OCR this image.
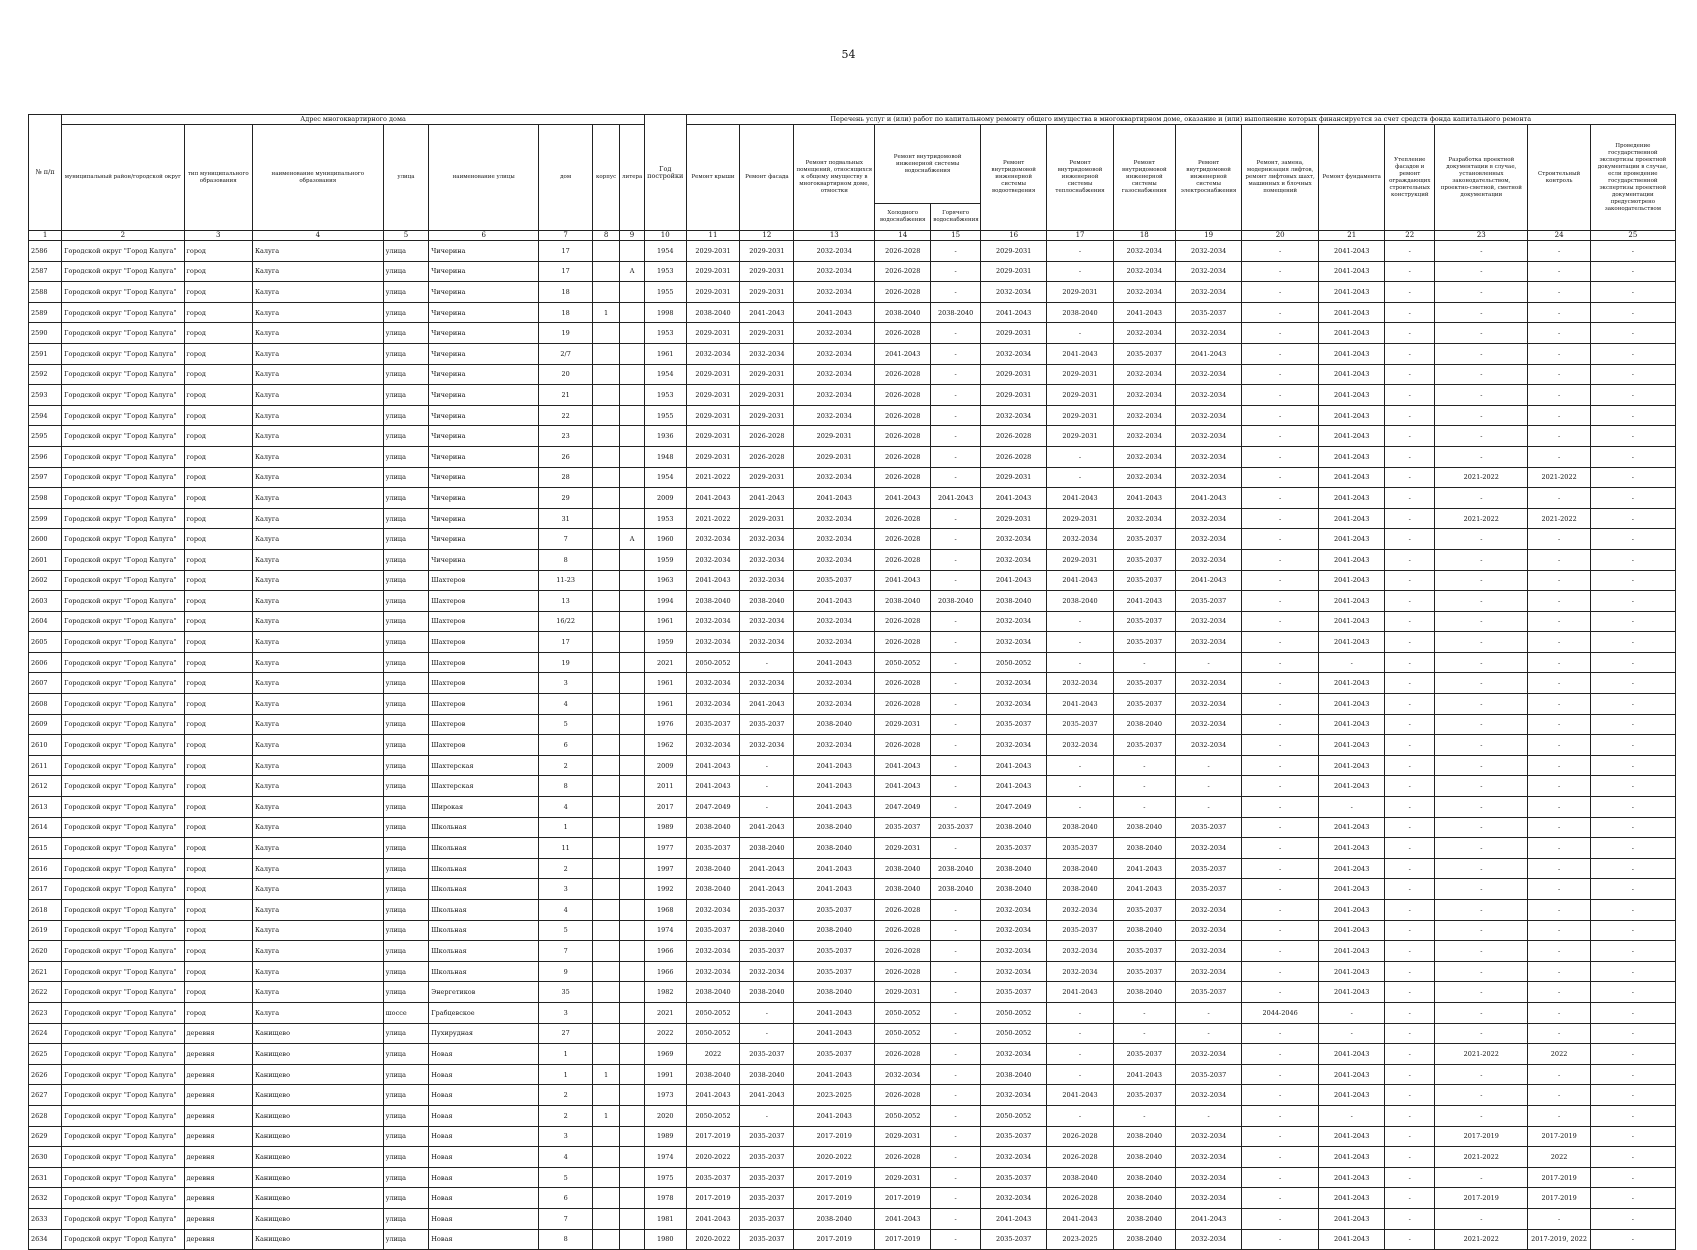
54
№ п/п	Адрес многоквартирного дома								Год постройки	Перечень услуг и (или) работ по капитальному ремонту общего имущества в многоквартирном доме, оказание и (или) выполнение которых финансируется за счет средств фонда капитального ремонта														
	муниципальный район/городской округ	тип муниципального образования	наименование муниципального образования	улица	наименование улицы	дом	корпус	литера		Ремонт крыши	Ремонт фасада	Ремонт подвальных помещений, относящихся к общему имуществу в многоквартирном доме, отмостки	Ремонт внутридомовой инженерной системы водоснабжения		Ремонт внутридомовой инженерной системы водоотведения	Ремонт внутридомовой инженерной системы теплоснабжения	Ремонт внутридомовой инженерной системы газоснабжения	Ремонт внутридомовой инженерной системы электроснабжения	Ремонт, замена, модернизация лифтов, ремонт лифтовых шахт, машинных и блочных помещений	Ремонт фундамента	Утепление фасадов и ремонт ограждающих строительных конструкций	Разработка проектной документации в случае, установленных законодательством, проектно-сметной, сметной документации	Строительный контроль	Проведение государственной экспертизы проектной документации в случае, если проведение государственной экспертизы проектной документации предусмотрено законодательством
													Холодного водоснабжения	Горячего водоснабжения										
1	2	3	4	5	6	7	8	9	10	11	12	13	14	15	16	17	18	19	20	21	22	23	24	25
2586	Городской округ "Город Калуга"	город	Калуга	улица	Чичерина	17			1954	2029-2031	2029-2031	2032-2034	2026-2028	-	2029-2031	-	2032-2034	2032-2034	-	2041-2043	-	-	-	-
2587	Городской округ "Город Калуга"	город	Калуга	улица	Чичерина	17		А	1953	2029-2031	2029-2031	2032-2034	2026-2028	-	2029-2031	-	2032-2034	2032-2034	-	2041-2043	-	-	-	-
2588	Городской округ "Город Калуга"	город	Калуга	улица	Чичерина	18			1955	2029-2031	2029-2031	2032-2034	2026-2028	-	2032-2034	2029-2031	2032-2034	2032-2034	-	2041-2043	-	-	-	-
2589	Городской округ "Город Калуга"	город	Калуга	улица	Чичерина	18	1		1998	2038-2040	2041-2043	2041-2043	2038-2040	2038-2040	2041-2043	2038-2040	2041-2043	2035-2037	-	2041-2043	-	-	-	-
2590	Городской округ "Город Калуга"	город	Калуга	улица	Чичерина	19			1953	2029-2031	2029-2031	2032-2034	2026-2028	-	2029-2031	-	2032-2034	2032-2034	-	2041-2043	-	-	-	-
2591	Городской округ "Город Калуга"	город	Калуга	улица	Чичерина	2/7			1961	2032-2034	2032-2034	2032-2034	2041-2043	-	2032-2034	2041-2043	2035-2037	2041-2043	-	2041-2043	-	-	-	-
2592	Городской округ "Город Калуга"	город	Калуга	улица	Чичерина	20			1954	2029-2031	2029-2031	2032-2034	2026-2028	-	2029-2031	2029-2031	2032-2034	2032-2034	-	2041-2043	-	-	-	-
2593	Городской округ "Город Калуга"	город	Калуга	улица	Чичерина	21			1953	2029-2031	2029-2031	2032-2034	2026-2028	-	2029-2031	2029-2031	2032-2034	2032-2034	-	2041-2043	-	-	-	-
2594	Городской округ "Город Калуга"	город	Калуга	улица	Чичерина	22			1955	2029-2031	2029-2031	2032-2034	2026-2028	-	2032-2034	2029-2031	2032-2034	2032-2034	-	2041-2043	-	-	-	-
2595	Городской округ "Город Калуга"	город	Калуга	улица	Чичерина	23			1936	2029-2031	2026-2028	2029-2031	2026-2028	-	2026-2028	2029-2031	2032-2034	2032-2034	-	2041-2043	-	-	-	-
2596	Городской округ "Город Калуга"	город	Калуга	улица	Чичерина	26			1948	2029-2031	2026-2028	2029-2031	2026-2028	-	2026-2028	-	2032-2034	2032-2034	-	2041-2043	-	-	-	-
2597	Городской округ "Город Калуга"	город	Калуга	улица	Чичерина	28			1954	2021-2022	2029-2031	2032-2034	2026-2028	-	2029-2031	-	2032-2034	2032-2034	-	2041-2043	-	2021-2022	2021-2022	-
2598	Городской округ "Город Калуга"	город	Калуга	улица	Чичерина	29			2009	2041-2043	2041-2043	2041-2043	2041-2043	2041-2043	2041-2043	2041-2043	2041-2043	2041-2043	-	2041-2043	-	-	-	-
2599	Городской округ "Город Калуга"	город	Калуга	улица	Чичерина	31			1953	2021-2022	2029-2031	2032-2034	2026-2028	-	2029-2031	2029-2031	2032-2034	2032-2034	-	2041-2043	-	2021-2022	2021-2022	-
2600	Городской округ "Город Калуга"	город	Калуга	улица	Чичерина	7		А	1960	2032-2034	2032-2034	2032-2034	2026-2028	-	2032-2034	2032-2034	2035-2037	2032-2034	-	2041-2043	-	-	-	-
2601	Городской округ "Город Калуга"	город	Калуга	улица	Чичерина	8			1959	2032-2034	2032-2034	2032-2034	2026-2028	-	2032-2034	2029-2031	2035-2037	2032-2034	-	2041-2043	-	-	-	-
2602	Городской округ "Город Калуга"	город	Калуга	улица	Шахтеров	11-23			1963	2041-2043	2032-2034	2035-2037	2041-2043	-	2041-2043	2041-2043	2035-2037	2041-2043	-	2041-2043	-	-	-	-
2603	Городской округ "Город Калуга"	город	Калуга	улица	Шахтеров	13			1994	2038-2040	2038-2040	2041-2043	2038-2040	2038-2040	2038-2040	2038-2040	2041-2043	2035-2037	-	2041-2043	-	-	-	-
2604	Городской округ "Город Калуга"	город	Калуга	улица	Шахтеров	16/22			1961	2032-2034	2032-2034	2032-2034	2026-2028	-	2032-2034	-	2035-2037	2032-2034	-	2041-2043	-	-	-	-
2605	Городской округ "Город Калуга"	город	Калуга	улица	Шахтеров	17			1959	2032-2034	2032-2034	2032-2034	2026-2028	-	2032-2034	-	2035-2037	2032-2034	-	2041-2043	-	-	-	-
2606	Городской округ "Город Калуга"	город	Калуга	улица	Шахтеров	19			2021	2050-2052	-	2041-2043	2050-2052	-	2050-2052	-	-	-	-	-	-	-	-	-
2607	Городской округ "Город Калуга"	город	Калуга	улица	Шахтеров	3			1961	2032-2034	2032-2034	2032-2034	2026-2028	-	2032-2034	2032-2034	2035-2037	2032-2034	-	2041-2043	-	-	-	-
2608	Городской округ "Город Калуга"	город	Калуга	улица	Шахтеров	4			1961	2032-2034	2041-2043	2032-2034	2026-2028	-	2032-2034	2041-2043	2035-2037	2032-2034	-	2041-2043	-	-	-	-
2609	Городской округ "Город Калуга"	город	Калуга	улица	Шахтеров	5			1976	2035-2037	2035-2037	2038-2040	2029-2031	-	2035-2037	2035-2037	2038-2040	2032-2034	-	2041-2043	-	-	-	-
2610	Городской округ "Город Калуга"	город	Калуга	улица	Шахтеров	6			1962	2032-2034	2032-2034	2032-2034	2026-2028	-	2032-2034	2032-2034	2035-2037	2032-2034	-	2041-2043	-	-	-	-
2611	Городской округ "Город Калуга"	город	Калуга	улица	Шахтерская	2			2009	2041-2043	-	2041-2043	2041-2043	-	2041-2043	-	-	-	-	2041-2043	-	-	-	-
2612	Городской округ "Город Калуга"	город	Калуга	улица	Шахтерская	8			2011	2041-2043	-	2041-2043	2041-2043	-	2041-2043	-	-	-	-	2041-2043	-	-	-	-
2613	Городской округ "Город Калуга"	город	Калуга	улица	Широкая	4			2017	2047-2049	-	2041-2043	2047-2049	-	2047-2049	-	-	-	-	-	-	-	-	-
2614	Городской округ "Город Калуга"	город	Калуга	улица	Школьная	1			1989	2038-2040	2041-2043	2038-2040	2035-2037	2035-2037	2038-2040	2038-2040	2038-2040	2035-2037	-	2041-2043	-	-	-	-
2615	Городской округ "Город Калуга"	город	Калуга	улица	Школьная	11			1977	2035-2037	2038-2040	2038-2040	2029-2031	-	2035-2037	2035-2037	2038-2040	2032-2034	-	2041-2043	-	-	-	-
2616	Городской округ "Город Калуга"	город	Калуга	улица	Школьная	2			1997	2038-2040	2041-2043	2041-2043	2038-2040	2038-2040	2038-2040	2038-2040	2041-2043	2035-2037	-	2041-2043	-	-	-	-
2617	Городской округ "Город Калуга"	город	Калуга	улица	Школьная	3			1992	2038-2040	2041-2043	2041-2043	2038-2040	2038-2040	2038-2040	2038-2040	2041-2043	2035-2037	-	2041-2043	-	-	-	-
2618	Городской округ "Город Калуга"	город	Калуга	улица	Школьная	4			1968	2032-2034	2035-2037	2035-2037	2026-2028	-	2032-2034	2032-2034	2035-2037	2032-2034	-	2041-2043	-	-	-	-
2619	Городской округ "Город Калуга"	город	Калуга	улица	Школьная	5			1974	2035-2037	2038-2040	2038-2040	2026-2028	-	2032-2034	2035-2037	2038-2040	2032-2034	-	2041-2043	-	-	-	-
2620	Городской округ "Город Калуга"	город	Калуга	улица	Школьная	7			1966	2032-2034	2035-2037	2035-2037	2026-2028	-	2032-2034	2032-2034	2035-2037	2032-2034	-	2041-2043	-	-	-	-
2621	Городской округ "Город Калуга"	город	Калуга	улица	Школьная	9			1966	2032-2034	2032-2034	2035-2037	2026-2028	-	2032-2034	2032-2034	2035-2037	2032-2034	-	2041-2043	-	-	-	-
2622	Городской округ "Город Калуга"	город	Калуга	улица	Энергетиков	35			1982	2038-2040	2038-2040	2038-2040	2029-2031	-	2035-2037	2041-2043	2038-2040	2035-2037	-	2041-2043	-	-	-	-
2623	Городской округ "Город Калуга"	город	Калуга	шоссе	Грабцевское	3			2021	2050-2052	-	2041-2043	2050-2052	-	2050-2052	-	-	-	2044-2046	-	-	-	-	-
2624	Городской округ "Город Калуга"	деревня	Канищево	улица	Пухирудная	27			2022	2050-2052	-	2041-2043	2050-2052	-	2050-2052	-	-	-	-	-	-	-	-	-
2625	Городской округ "Город Калуга"	деревня	Канищево	улица	Новая	1			1969	2022	2035-2037	2035-2037	2026-2028	-	2032-2034	-	2035-2037	2032-2034	-	2041-2043	-	2021-2022	2022	-
2626	Городской округ "Город Калуга"	деревня	Канищево	улица	Новая	1	1		1991	2038-2040	2038-2040	2041-2043	2032-2034	-	2038-2040	-	2041-2043	2035-2037	-	2041-2043	-	-	-	-
2627	Городской округ "Город Калуга"	деревня	Канищево	улица	Новая	2			1973	2041-2043	2041-2043	2023-2025	2026-2028	-	2032-2034	2041-2043	2035-2037	2032-2034	-	2041-2043	-	-	-	-
2628	Городской округ "Город Калуга"	деревня	Канищево	улица	Новая	2	1		2020	2050-2052	-	2041-2043	2050-2052	-	2050-2052	-	-	-	-	-	-	-	-	-
2629	Городской округ "Город Калуга"	деревня	Канищево	улица	Новая	3			1989	2017-2019	2035-2037	2017-2019	2029-2031	-	2035-2037	2026-2028	2038-2040	2032-2034	-	2041-2043	-	2017-2019	2017-2019	-
2630	Городской округ "Город Калуга"	деревня	Канищево	улица	Новая	4			1974	2020-2022	2035-2037	2020-2022	2026-2028	-	2032-2034	2026-2028	2038-2040	2032-2034	-	2041-2043	-	2021-2022	2022	-
2631	Городской округ "Город Калуга"	деревня	Канищево	улица	Новая	5			1975	2035-2037	2035-2037	2017-2019	2029-2031	-	2035-2037	2038-2040	2038-2040	2032-2034	-	2041-2043	-	-	2017-2019	-
2632	Городской округ "Город Калуга"	деревня	Канищево	улица	Новая	6			1978	2017-2019	2035-2037	2017-2019	2017-2019	-	2032-2034	2026-2028	2038-2040	2032-2034	-	2041-2043	-	2017-2019	2017-2019	-
2633	Городской округ "Город Калуга"	деревня	Канищево	улица	Новая	7			1981	2041-2043	2035-2037	2038-2040	2041-2043	-	2041-2043	2041-2043	2038-2040	2041-2043	-	2041-2043	-	-	-	-
2634	Городской округ "Город Калуга"	деревня	Канищево	улица	Новая	8			1980	2020-2022	2035-2037	2017-2019	2017-2019	-	2035-2037	2023-2025	2038-2040	2032-2034	-	2041-2043	-	2021-2022	2017-2019, 2022	-
